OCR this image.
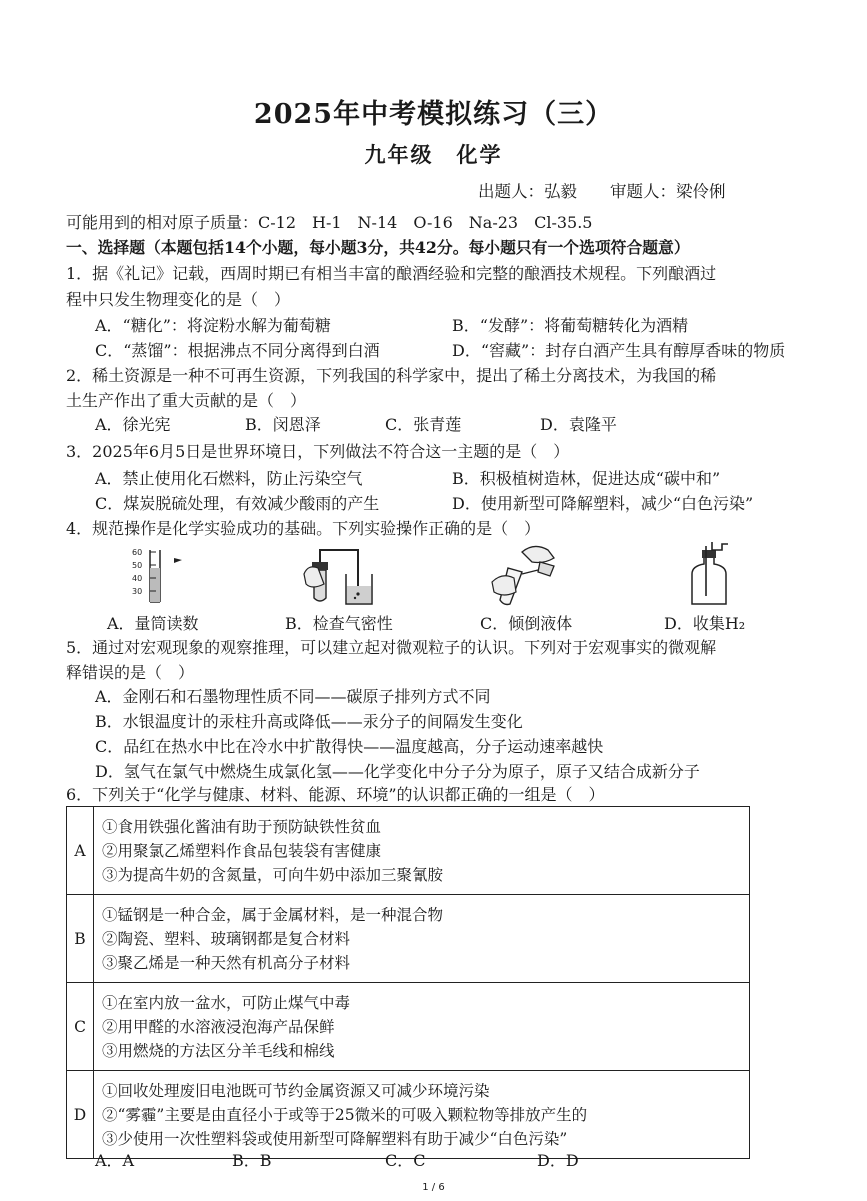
2025年中考模拟练习（三）
九年级　化学
出题人：弘毅　　审题人：梁伶俐
可能用到的相对原子质量：C-12　H-1　N-14　O-16　Na-23　Cl-35.5
一、选择题（本题包括14个小题，每小题3分，共42分。每小题只有一个选项符合题意）
1．据《礼记》记载，西周时期已有相当丰富的酿酒经验和完整的酿酒技术规程。下列酿酒过
程中只发生物理变化的是（　）
A．“糖化”：将淀粉水解为葡萄糖	B．“发酵”：将葡萄糖转化为酒精
C．“蒸馏”：根据沸点不同分离得到白酒	D．“窖藏”：封存白酒产生具有醇厚香味的物质
2．稀土资源是一种不可再生资源，下列我国的科学家中，提出了稀土分离技术，为我国的稀
土生产作出了重大贡献的是（　）
A．徐光宪	B．闵恩泽	C．张青莲	D．袁隆平
3．2025年6月5日是世界环境日，下列做法不符合这一主题的是（　）
A．禁止使用化石燃料，防止污染空气	B．积极植树造林，促进达成“碳中和”
C．煤炭脱硫处理，有效减少酸雨的产生	D．使用新型可降解塑料，减少“白色污染”
4．规范操作是化学实验成功的基础。下列实验操作正确的是（　）
60
50
40
30
A．量筒读数	B．检查气密性	C．倾倒液体	D．收集H₂
5．通过对宏观现象的观察推理，可以建立起对微观粒子的认识。下列对于宏观事实的微观解
释错误的是（　）
A．金刚石和石墨物理性质不同——碳原子排列方式不同
B．水银温度计的汞柱升高或降低——汞分子的间隔发生变化
C．品红在热水中比在冷水中扩散得快——温度越高，分子运动速率越快
D．氢气在氯气中燃烧生成氯化氢——化学变化中分子分为原子，原子又结合成新分子
6．下列关于“化学与健康、材料、能源、环境”的认识都正确的一组是（　）
A	①食用铁强化酱油有助于预防缺铁性贫血
②用聚氯乙烯塑料作食品包装袋有害健康
③为提高牛奶的含氮量，可向牛奶中添加三聚氰胺

B	①锰钢是一种合金，属于金属材料，是一种混合物
②陶瓷、塑料、玻璃钢都是复合材料
③聚乙烯是一种天然有机高分子材料

C	①在室内放一盆水，可防止煤气中毒
②用甲醛的水溶液浸泡海产品保鲜
③用燃烧的方法区分羊毛线和棉线

D	①回收处理废旧电池既可节约金属资源又可减少环境污染
②“雾霾”主要是由直径小于或等于25微米的可吸入颗粒物等排放产生的
③少使用一次性塑料袋或使用新型可降解塑料有助于减少“白色污染”
A．A	B．B	C．C	D．D
1 / 6
